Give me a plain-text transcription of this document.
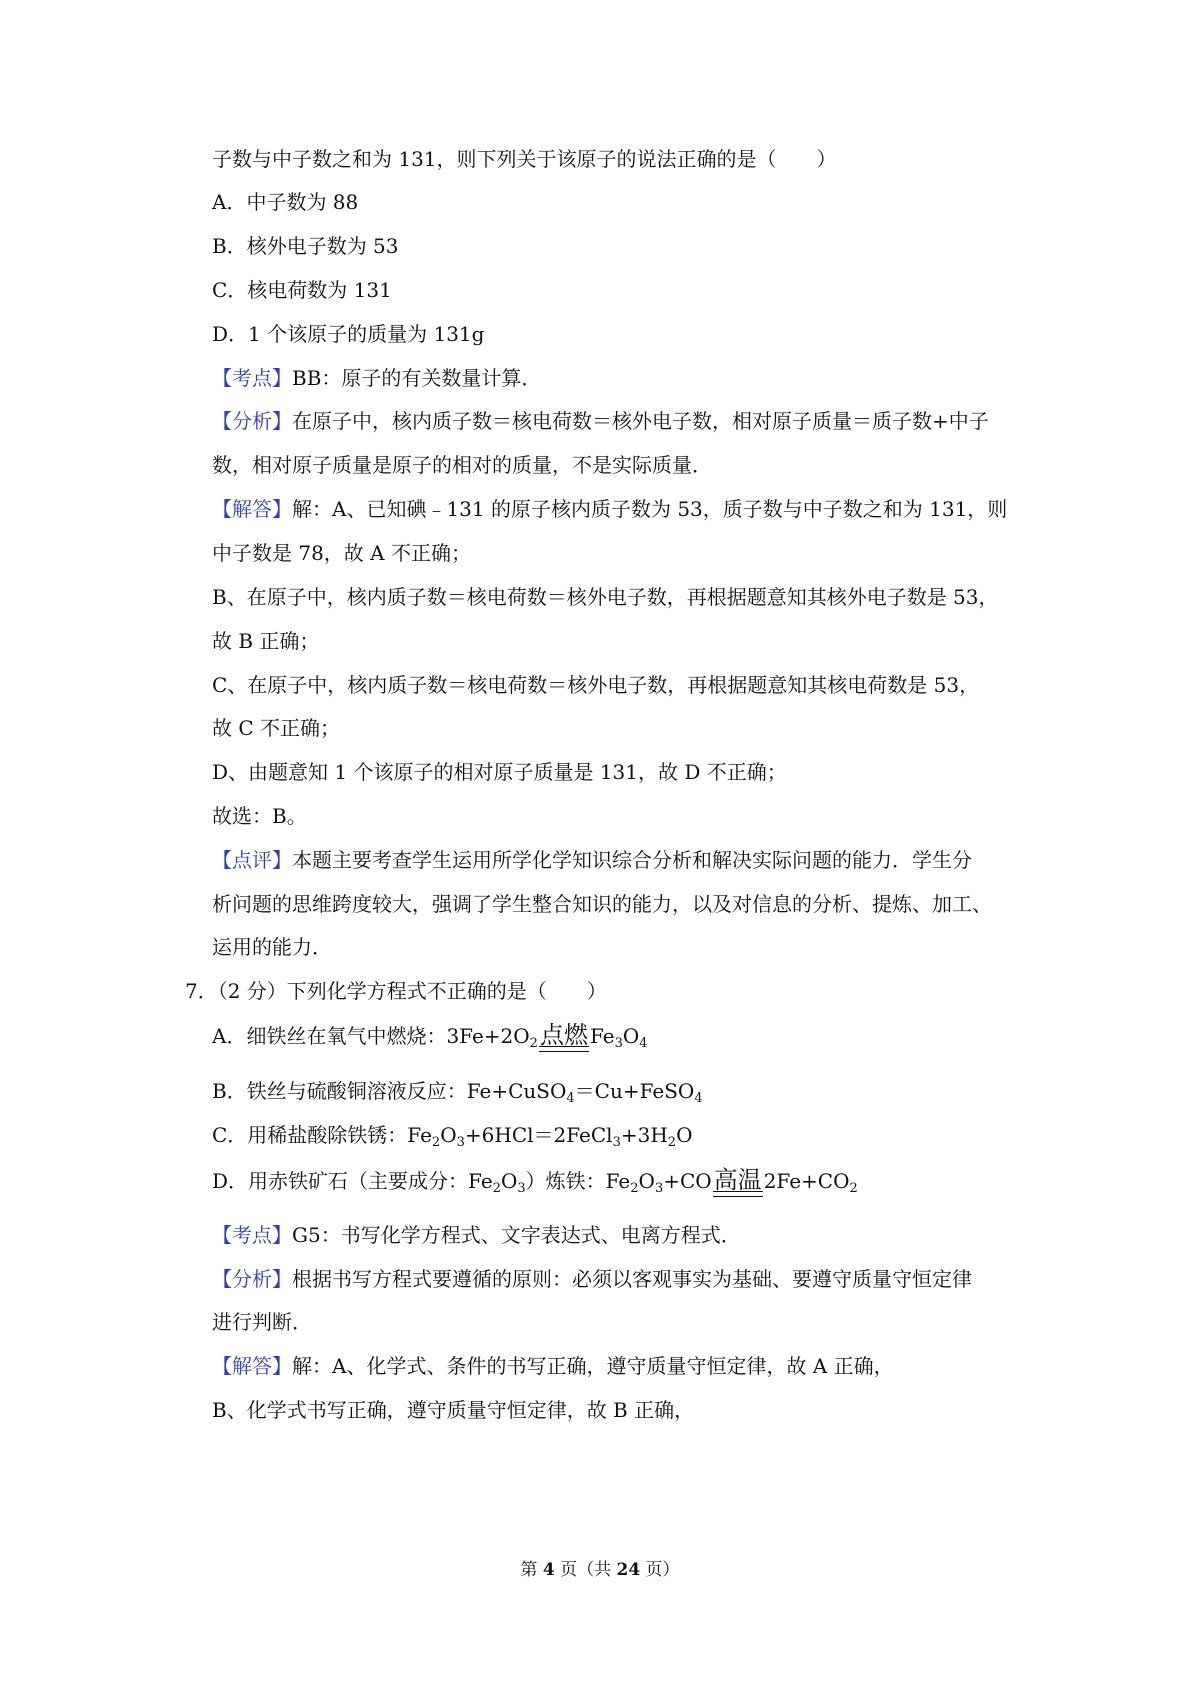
子数与中子数之和为 131，则下列关于该原子的说法正确的是（　　）
A．中子数为 88
B．核外电子数为 53
C．核电荷数为 131
D．1 个该原子的质量为 131g
【考点】BB：原子的有关数量计算．
【分析】在原子中，核内质子数＝核电荷数＝核外电子数，相对原子质量＝质子数+中子
数，相对原子质量是原子的相对的质量，不是实际质量．
【解答】解：A、已知碘﹣131 的原子核内质子数为 53，质子数与中子数之和为 131，则
中子数是 78，故 A 不正确；
B、在原子中，核内质子数＝核电荷数＝核外电子数，再根据题意知其核外电子数是 53，
故 B 正确；
C、在原子中，核内质子数＝核电荷数＝核外电子数，再根据题意知其核电荷数是 53，
故 C 不正确；
D、由题意知 1 个该原子的相对原子质量是 131，故 D 不正确；
故选：B。
【点评】本题主要考查学生运用所学化学知识综合分析和解决实际问题的能力．学生分
析问题的思维跨度较大，强调了学生整合知识的能力，以及对信息的分析、提炼、加工、
运用的能力．
7．（2 分）下列化学方程式不正确的是（　　）
A．细铁丝在氧气中燃烧：$3Fe+2O_2$点燃 $Fe_3O_4$
B．铁丝与硫酸铜溶液反应：Fe+CuSO$_4$＝Cu+FeSO$_4$
C．用稀盐酸除铁锈：$Fe_2O_3+6HCl=2FeCl_3+3H_2O$
D．用赤铁矿石（主要成分：$Fe_2O_3$）炼铁：$Fe_2O_3+CO$高温 $2Fe+CO_2$
【考点】G5：书写化学方程式、文字表达式、电离方程式．
【分析】根据书写方程式要遵循的原则：必须以客观事实为基础、要遵守质量守恒定律
进行判断．
【解答】解：A、化学式、条件的书写正确，遵守质量守恒定律，故 A 正确，
B、化学式书写正确，遵守质量守恒定律，故 B 正确，
第 4 页（共 24 页）
